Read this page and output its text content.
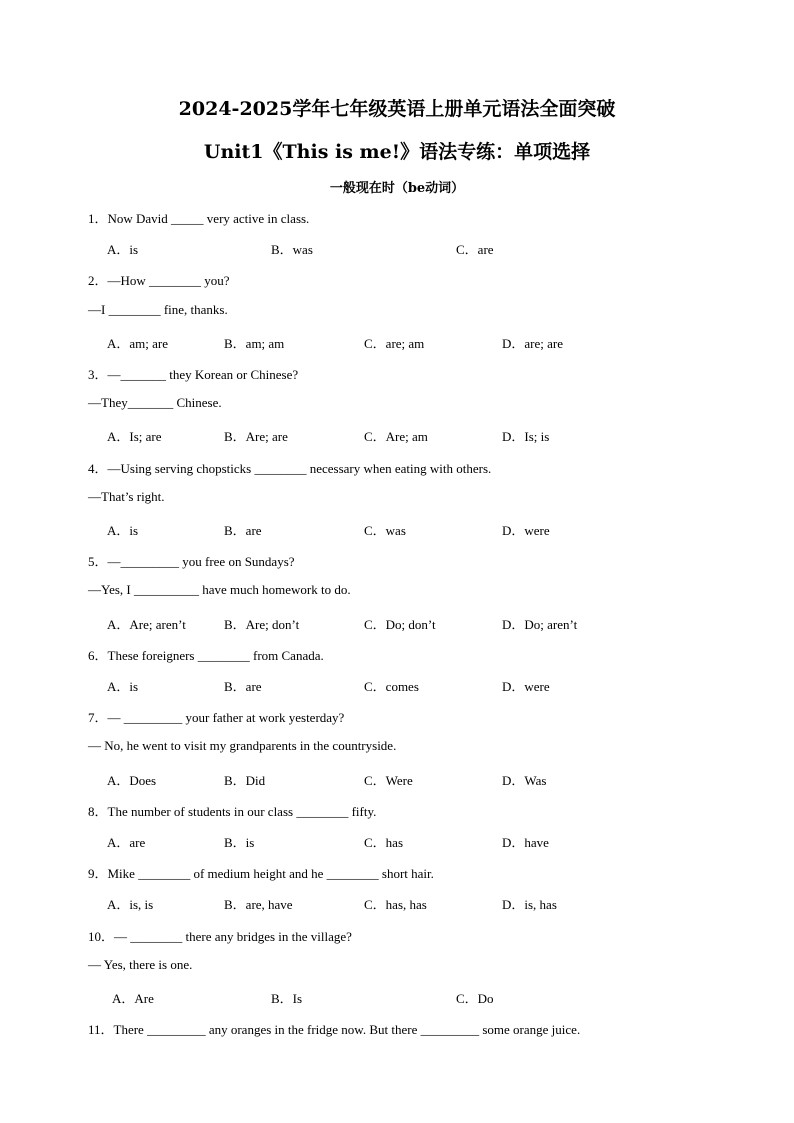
2024-2025学年七年级英语上册单元语法全面突破
Unit1《This is me!》语法专练：单项选择
一般现在时（be动词）
1．Now David _____ very active in class.
A．is	B．was	C．are
2．—How ________ you?
—I ________ fine, thanks.
A．am; are	B．am; am	C．are; am	D．are; are
3．—_______ they Korean or Chinese?
—They_______ Chinese.
A．Is; are	B．Are; are	C．Are; am	D．Is; is
4．—Using serving chopsticks ________ necessary when eating with others.
—That’s right.
A．is	B．are	C．was	D．were
5．—_________ you free on Sundays?
—Yes, I __________ have much homework to do.
A．Are; aren’t	B．Are; don’t	C．Do; don’t	D．Do; aren’t
6．These foreigners ________ from Canada.
A．is	B．are	C．comes	D．were
7．— _________ your father at work yesterday?
— No, he went to visit my grandparents in the countryside.
A．Does	B．Did	C．Were	D．Was
8．The number of students in our class ________ fifty.
A．are	B．is	C．has	D．have
9．Mike ________ of medium height and he ________ short hair.
A．is, is	B．are, have	C．has, has	D．is, has
10．— ________ there any bridges in the village?
— Yes, there is one.
A．Are	B．Is	C．Do
11．There _________ any oranges in the fridge now. But there _________ some orange juice.
